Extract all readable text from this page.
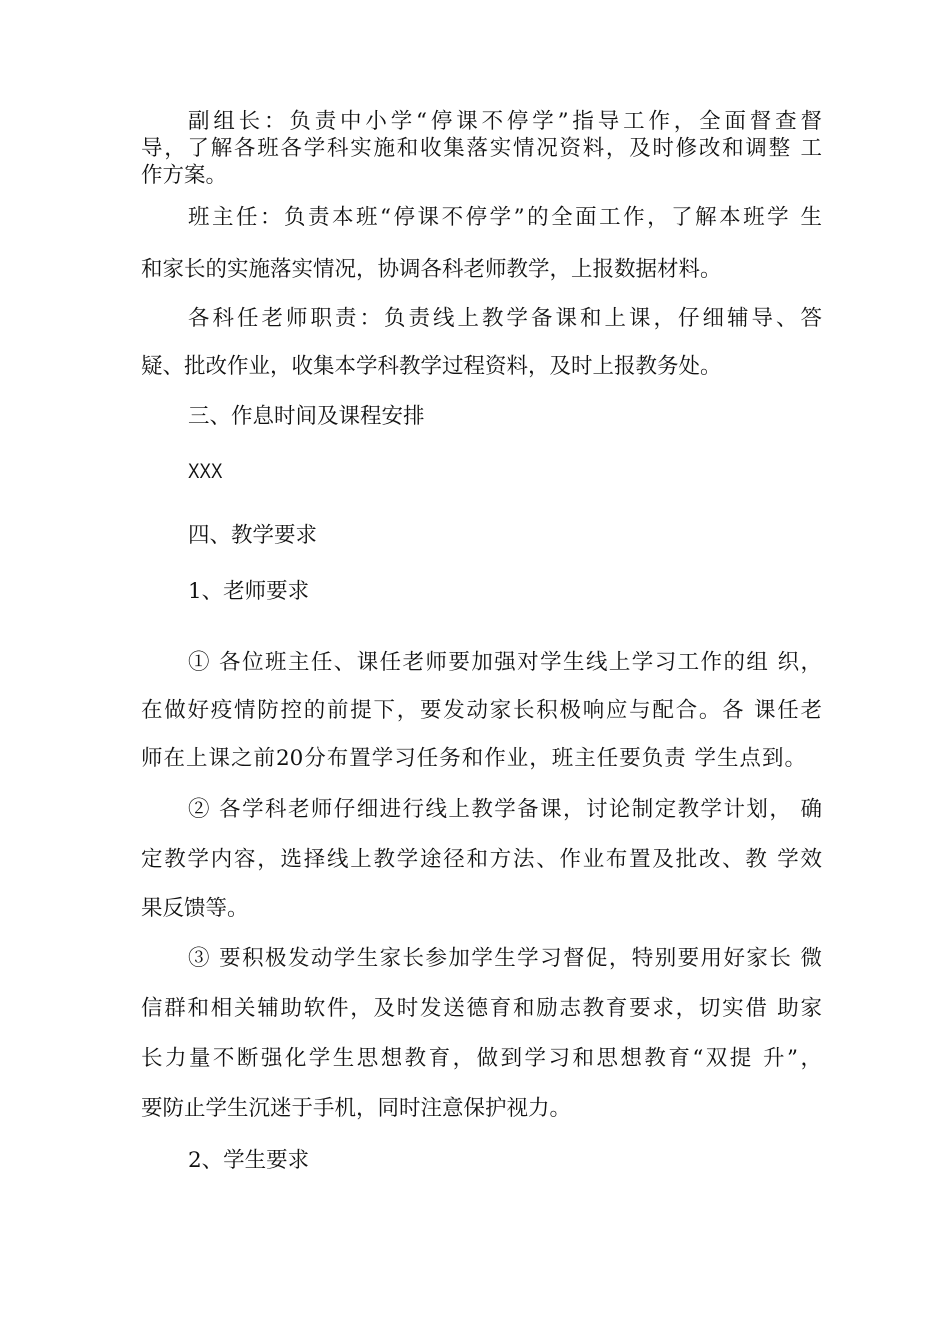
副组长：负责中小学“停课不停学”指导工作，全面督查督

导，了解各班各学科实施和收集落实情况资料，及时修改和调整 工

作方案。

班主任：负责本班“停课不停学”的全面工作，了解本班学 生

和家长的实施落实情况，协调各科老师教学，上报数据材料。

各科任老师职责：负责线上教学备课和上课，仔细辅导、答

疑、批改作业，收集本学科教学过程资料，及时上报教务处。

三、作息时间及课程安排

XXX

四、教学要求

1、老师要求

① 各位班主任、课任老师要加强对学生线上学习工作的组 织，

在做好疫情防控的前提下，要发动家长积极响应与配合。各 课任老

师在上课之前20分布置学习任务和作业，班主任要负责 学生点到。

② 各学科老师仔细进行线上教学备课，讨论制定教学计划， 确

定教学内容，选择线上教学途径和方法、作业布置及批改、教 学效

果反馈等。

③ 要积极发动学生家长参加学生学习督促，特别要用好家长 微

信群和相关辅助软件，及时发送德育和励志教育要求，切实借 助家

长力量不断强化学生思想教育，做到学习和思想教育“双提 升”，

要防止学生沉迷于手机，同时注意保护视力。

2、学生要求
